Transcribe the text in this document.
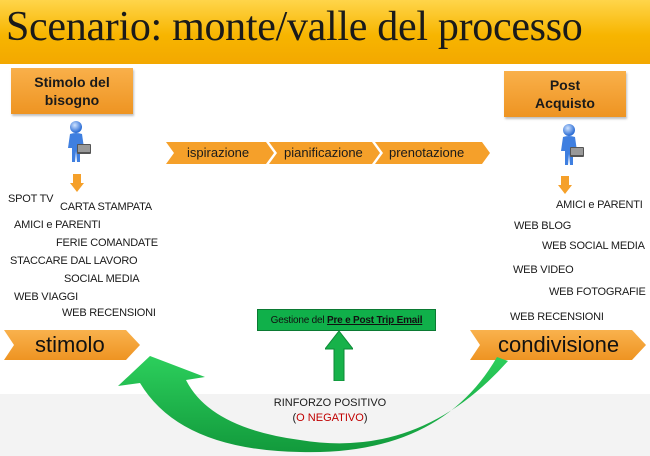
Scenario: monte/valle del processo
Stimolo del
bisogno
Post
Acquisto
ispirazione	pianificazione prenotazione
SPOT TV
CARTA STAMPATA
AMICI e PARENTI
FERIE COMANDATE
STACCARE DAL LAVORO
SOCIAL MEDIA
WEB VIAGGI
WEB RECENSIONI
AMICI e PARENTI
WEB BLOG
WEB SOCIAL MEDIA
WEB VIDEO
WEB FOTOGRAFIE
WEB RECENSIONI
stimolo	condivisione
Gestione del
Pre e Post Trip Email
RINFORZO POSITIVO
(O NEGATIVO)
